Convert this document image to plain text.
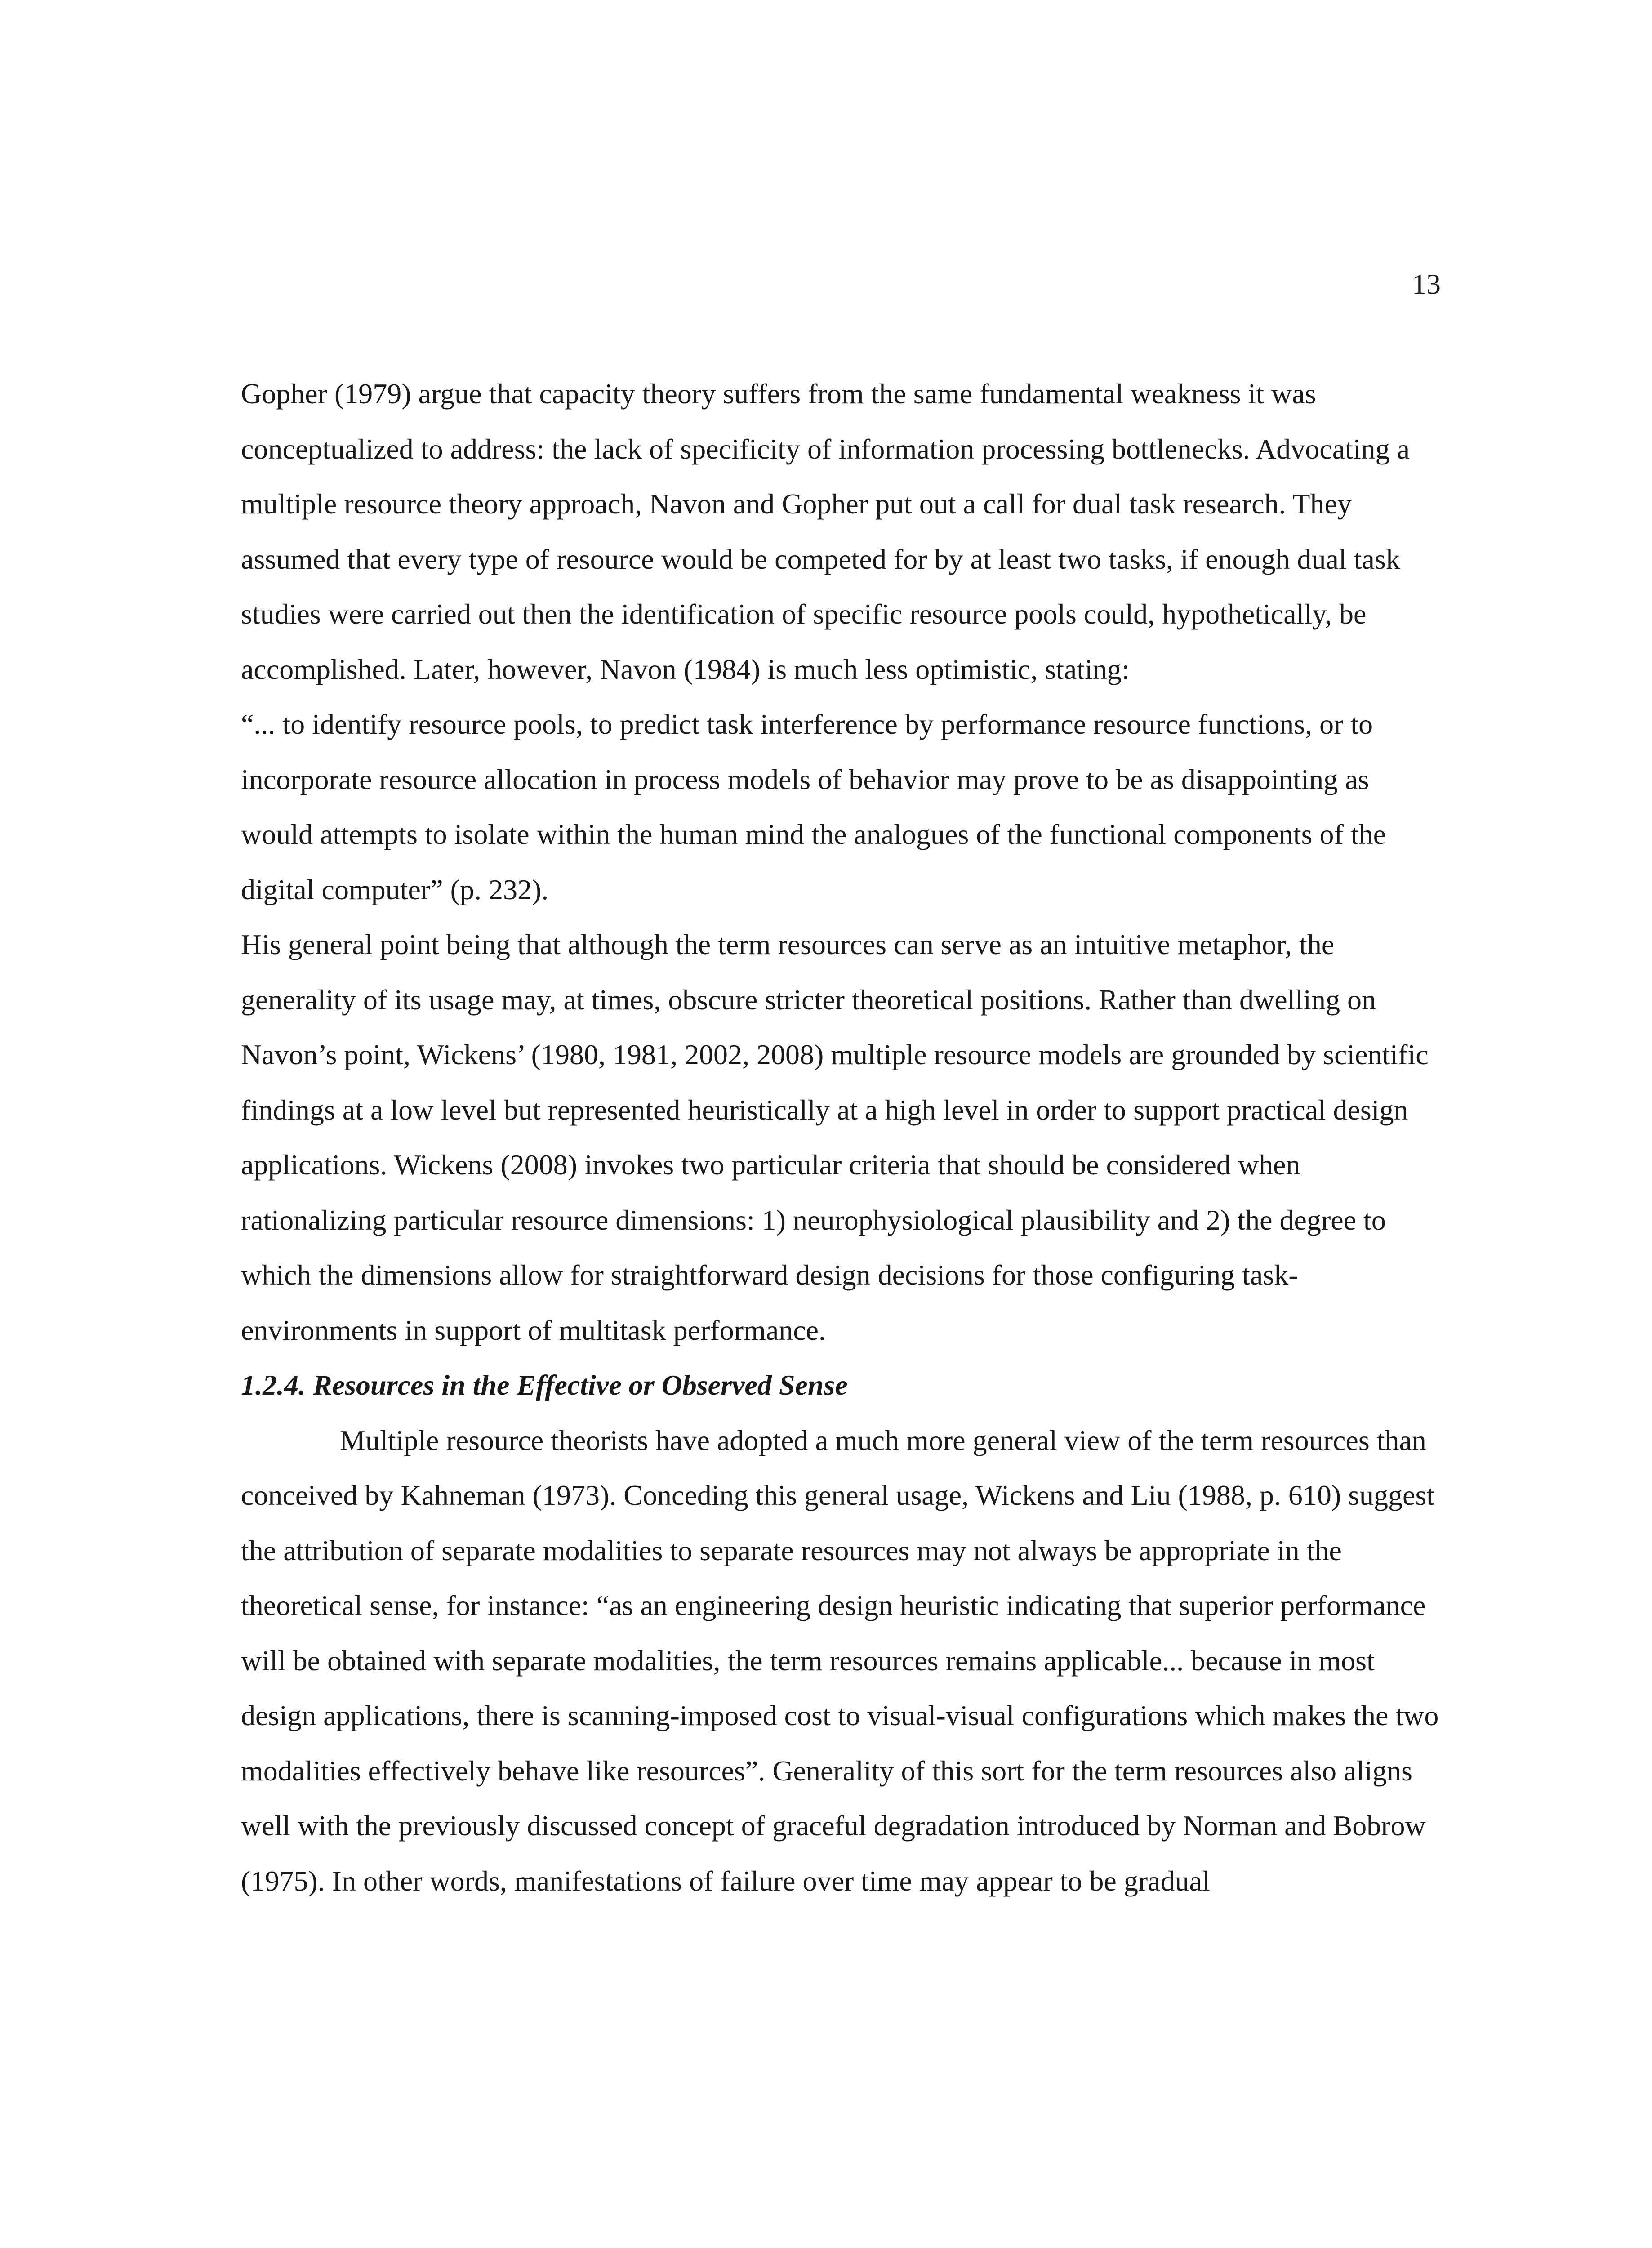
13

Gopher (1979) argue that capacity theory suffers from the same fundamental weakness it was conceptualized to address: the lack of specificity of information processing bottlenecks. Advocating a multiple resource theory approach, Navon and Gopher put out a call for dual task research. They assumed that every type of resource would be competed for by at least two tasks, if enough dual task studies were carried out then the identification of specific resource pools could, hypothetically, be accomplished. Later, however, Navon (1984) is much less optimistic, stating:

“... to identify resource pools, to predict task interference by performance resource functions, or to incorporate resource allocation in process models of behavior may prove to be as disappointing as would attempts to isolate within the human mind the analogues of the functional components of the digital computer” (p. 232).

His general point being that although the term resources can serve as an intuitive metaphor, the generality of its usage may, at times, obscure stricter theoretical positions. Rather than dwelling on Navon’s point, Wickens’ (1980, 1981, 2002, 2008) multiple resource models are grounded by scientific findings at a low level but represented heuristically at a high level in order to support practical design applications. Wickens (2008) invokes two particular criteria that should be considered when rationalizing particular resource dimensions: 1) neurophysiological plausibility and 2) the degree to which the dimensions allow for straightforward design decisions for those configuring task-environments in support of multitask performance.

1.2.4. Resources in the Effective or Observed Sense

Multiple resource theorists have adopted a much more general view of the term resources than conceived by Kahneman (1973). Conceding this general usage, Wickens and Liu (1988, p. 610) suggest the attribution of separate modalities to separate resources may not always be appropriate in the theoretical sense, for instance: “as an engineering design heuristic indicating that superior performance will be obtained with separate modalities, the term resources remains applicable... because in most design applications, there is scanning-imposed cost to visual-visual configurations which makes the two modalities effectively behave like resources”. Generality of this sort for the term resources also aligns well with the previously discussed concept of graceful degradation introduced by Norman and Bobrow (1975). In other words, manifestations of failure over time may appear to be gradual
